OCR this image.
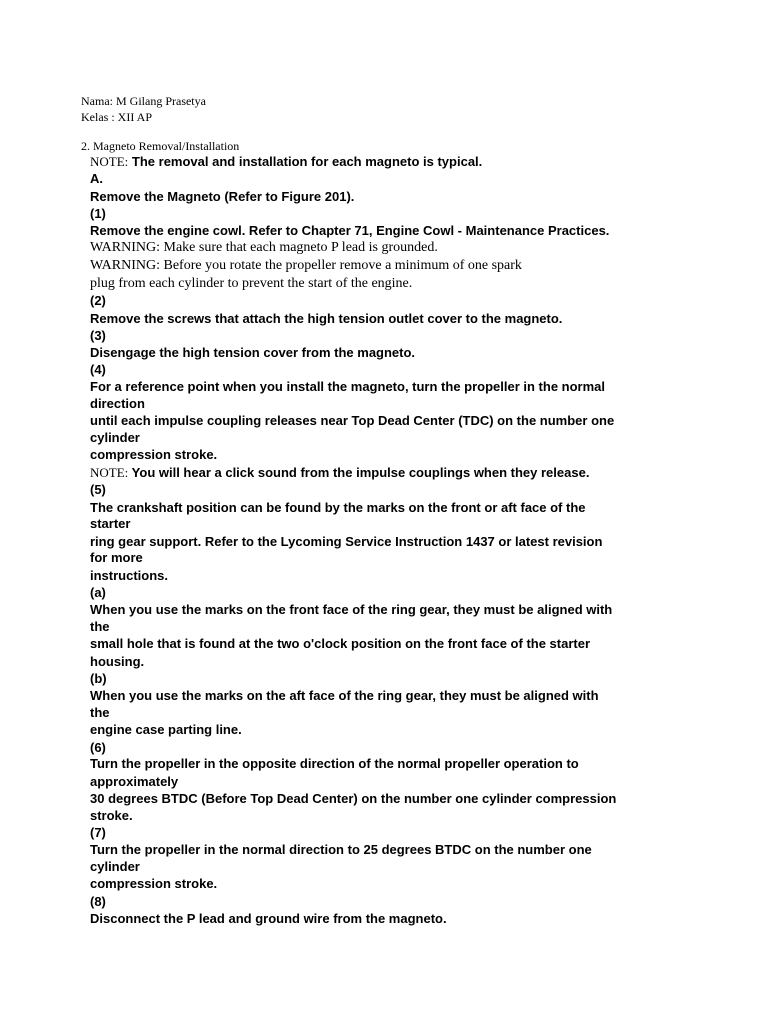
Nama: M Gilang Prasetya
Kelas : XII AP
2. Magneto Removal/Installation
NOTE: The removal and installation for each magneto is typical.
A.
Remove the Magneto (Refer to Figure 201).
(1)
Remove the engine cowl. Refer to Chapter 71, Engine Cowl - Maintenance Practices.
WARNING: Make sure that each magneto P lead is grounded.
WARNING: Before you rotate the propeller remove a minimum of one spark
plug from each cylinder to prevent the start of the engine.
(2)
Remove the screws that attach the high tension outlet cover to the magneto.
(3)
Disengage the high tension cover from the magneto.
(4)
For a reference point when you install the magneto, turn the propeller in the normal
direction
until each impulse coupling releases near Top Dead Center (TDC) on the number one
cylinder
compression stroke.
NOTE: You will hear a click sound from the impulse couplings when they release.
(5)
The crankshaft position can be found by the marks on the front or aft face of the
starter
ring gear support. Refer to the Lycoming Service Instruction 1437 or latest revision
for more
instructions.
(a)
When you use the marks on the front face of the ring gear, they must be aligned with
the
small hole that is found at the two o'clock position on the front face of the starter
housing.
(b)
When you use the marks on the aft face of the ring gear, they must be aligned with
the
engine case parting line.
(6)
Turn the propeller in the opposite direction of the normal propeller operation to
approximately
30 degrees BTDC (Before Top Dead Center) on the number one cylinder compression
stroke.
(7)
Turn the propeller in the normal direction to 25 degrees BTDC on the number one
cylinder
compression stroke.
(8)
Disconnect the P lead and ground wire from the magneto.
